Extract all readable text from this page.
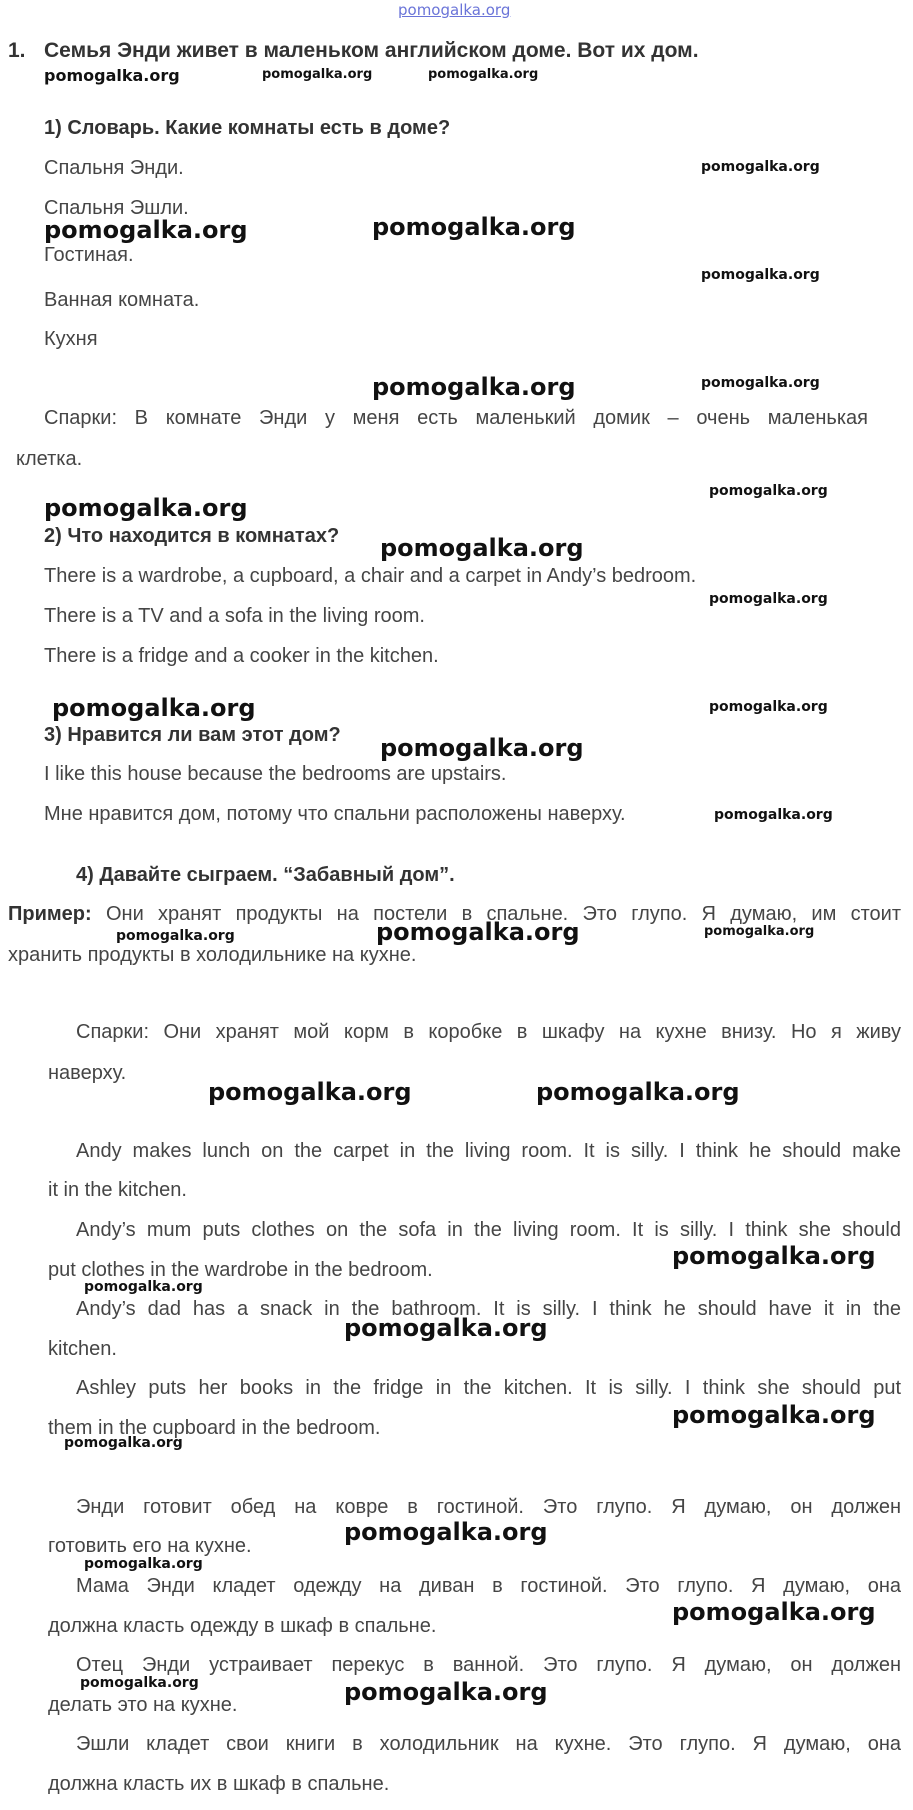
pomogalka.org
1. Семья Энди живет в маленьком английском доме. Вот их дом.
1) Словарь. Какие комнаты есть в доме?
Спальня Энди.
Спальня Эшли.
Гостиная.
Ванная комната.
Кухня
Спарки: В комнате Энди у меня есть маленький домик – очень маленькая
клетка.
2) Что находится в комнатах?
There is a wardrobe, a cupboard, a chair and a carpet in Andy’s bedroom.
There is a TV and a sofa in the living room.
There is a fridge and a cooker in the kitchen.
3) Нравится ли вам этот дом?
I like this house because the bedrooms are upstairs.
Мне нравится дом, потому что спальни расположены наверху.
4) Давайте сыграем. “Забавный дом”.
Пример: Они хранят продукты на постели в спальне. Это глупо. Я думаю, им стоит
хранить продукты в холодильнике на кухне.
Спарки: Они хранят мой корм в коробке в шкафу на кухне внизу. Но я живу
наверху.
Andy makes lunch on the carpet in the living room. It is silly. I think he should make
it in the kitchen.
Andy’s mum puts clothes on the sofa in the living room. It is silly. I think she should
put clothes in the wardrobe in the bedroom.
Andy’s dad has a snack in the bathroom. It is silly. I think he should have it in the
kitchen.
Ashley puts her books in the fridge in the kitchen. It is silly. I think she should put
them in the cupboard in the bedroom.
Энди готовит обед на ковре в гостиной. Это глупо. Я думаю, он должен
готовить его на кухне.
Мама Энди кладет одежду на диван в гостиной. Это глупо. Я думаю, она
должна класть одежду в шкаф в спальне.
Отец Энди устраивает перекус в ванной. Это глупо. Я думаю, он должен
делать это на кухне.
Эшли кладет свои книги в холодильник на кухне. Это глупо. Я думаю, она
должна класть их в шкаф в спальне.
pomogalka.org	pomogalka.org	pomogalka.org
pomogalka.org
pomogalka.org	pomogalka.org
pomogalka.org
pomogalka.org	pomogalka.org
pomogalka.org
pomogalka.org
pomogalka.org
pomogalka.org
pomogalka.org	pomogalka.org
pomogalka.org
pomogalka.org
pomogalka.org	pomogalka.org
pomogalka.org
pomogalka.org	pomogalka.org
pomogalka.org
pomogalka.org
pomogalka.org
pomogalka.org
pomogalka.org
pomogalka.org
pomogalka.org
pomogalka.org
pomogalka.org	pomogalka.org
